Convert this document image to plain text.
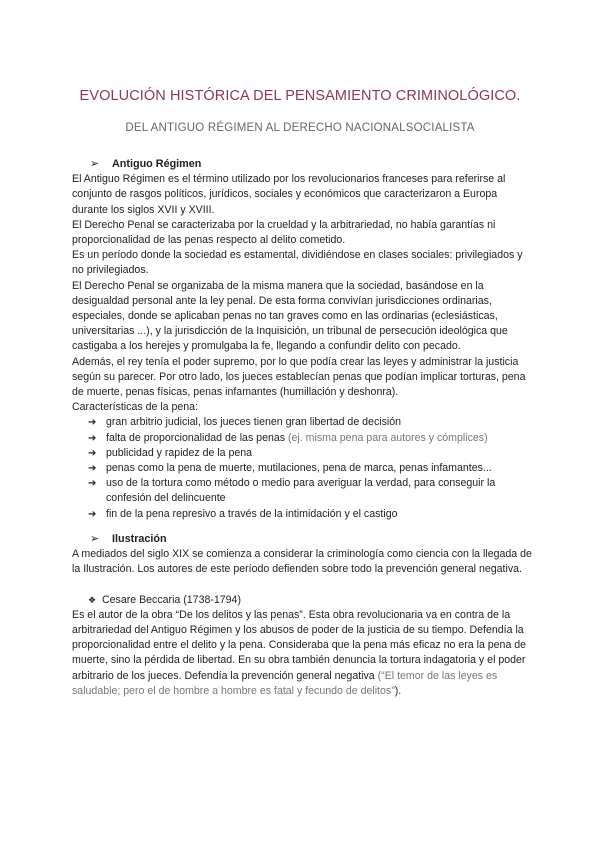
EVOLUCIÓN HISTÓRICA DEL PENSAMIENTO CRIMINOLÓGICO.
DEL ANTIGUO RÉGIMEN AL DERECHO NACIONALSOCIALISTA

➢ Antiguo Régimen

El Antiguo Régimen es el término utilizado por los revolucionarios franceses para referirse al conjunto de rasgos políticos, jurídicos, sociales y económicos que caracterizaron a Europa durante los siglos XVII y XVIII.

El Derecho Penal se caracterizaba por la crueldad y la arbitrariedad, no había garantías ni proporcionalidad de las penas respecto al delito cometido.

Es un período donde la sociedad es estamental, dividiéndose en clases sociales: privilegiados y no privilegiados.

El Derecho Penal se organizaba de la misma manera que la sociedad, basándose en la desigualdad personal ante la ley penal. De esta forma convivían jurisdicciones ordinarias, especiales, donde se aplicaban penas no tan graves como en las ordinarias (eclesiásticas, universitarias ...), y la jurisdicción de la Inquisición, un tribunal de persecución ideológica que castigaba a los herejes y promulgaba la fe, llegando a confundir delito con pecado.

Además, el rey tenía el poder supremo, por lo que podía crear las leyes y administrar la justicia según su parecer. Por otro lado, los jueces establecían penas que podían implicar torturas, pena de muerte, penas físicas, penas infamantes (humillación y deshonra).

Características de la pena:

➔ gran arbitrio judicial, los jueces tienen gran libertad de decisión
➔ falta de proporcionalidad de las penas (ej. misma pena para autores y cómplices)
➔ publicidad y rapidez de la pena
➔ penas como la pena de muerte, mutilaciones, pena de marca, penas infamantes...
➔ uso de la tortura como método o medio para averiguar la verdad, para conseguir la confesión del delincuente
➔ fin de la pena represivo a través de la intimidación y el castigo

➢ Ilustración

A mediados del siglo XIX se comienza a considerar la criminología como ciencia con la llegada de la Ilustración. Los autores de este período defienden sobre todo la prevención general negativa.

❖ Cesare Beccaria (1738-1794)

Es el autor de la obra “De los delitos y las penas”. Esta obra revolucionaria va en contra de la arbitrariedad del Antiguo Régimen y los abusos de poder de la justicia de su tiempo. Defendía la proporcionalidad entre el delito y la pena. Consideraba que la pena más eficaz no era la pena de muerte, sino la pérdida de libertad. En su obra también denuncia la tortura indagatoria y el poder arbitrario de los jueces. Defendía la prevención general negativa (“El temor de las leyes es saludable; pero el de hombre a hombre es fatal y fecundo de delitos”).
